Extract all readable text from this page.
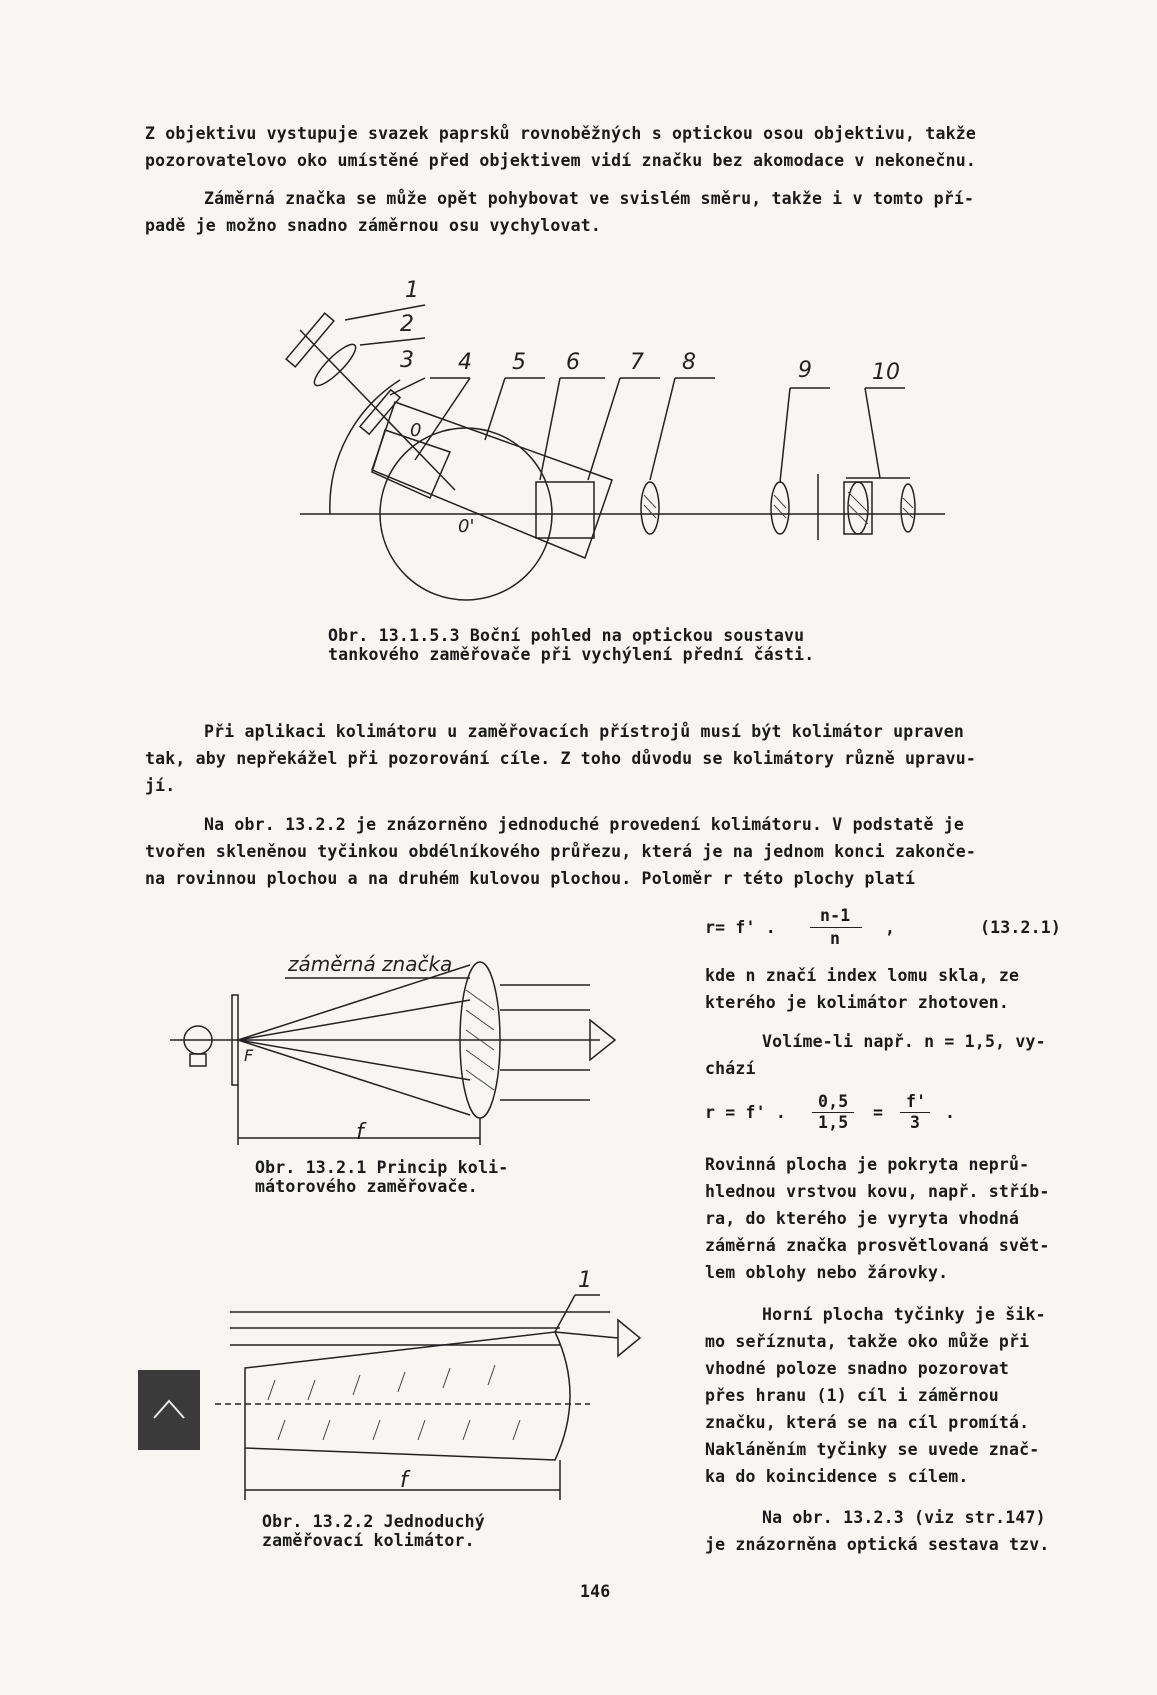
Z objektivu vystupuje svazek paprsků rovnoběžných s optickou osou objektivu, takže
pozorovatelovo oko umístěné před objektivem vidí značku bez akomodace v nekonečnu.
Záměrná značka se může opět pohybovat ve svislém směru, takže i v tomto pří-
padě je možno snadno záměrnou osu vychylovat.
1
2
3 4 5 6 7 8	9	10
0
0'
Obr. 13.1.5.3 Boční pohled na optickou soustavu
tankového zaměřovače při vychýlení přední části.
Při aplikaci kolimátoru u zaměřovacích přístrojů musí být kolimátor upraven
tak, aby nepřekážel při pozorování cíle. Z toho důvodu se kolimátory různě upravu-
jí.
Na obr. 13.2.2 je znázorněno jednoduché provedení kolimátoru. V podstatě je
tvořen skleněnou tyčinkou obdélníkového průřezu, která je na jednom konci zakonče-
na rovinnou plochou a na druhém kulovou plochou. Poloměr r této plochy platí
r= f' .
n-1
n
,	(13.2.1)
kde n značí index lomu skla, ze
kterého je kolimátor zhotoven.
Volíme-li např. n = 1,5, vy-
chází
r = f' .
0,5
1,5
=
f'
3
.
Rovinná plocha je pokryta neprů-
hlednou vrstvou kovu, např. stříb-
ra, do kterého je vyryta vhodná
záměrná značka prosvětlovaná svět-
lem oblohy nebo žárovky.
Horní plocha tyčinky je šik-
mo seříznuta, takže oko může při
vhodné poloze snadno pozorovat
přes hranu (1) cíl i záměrnou
značku, která se na cíl promítá.
Nakláněním tyčinky se uvede znač-
ka do koincidence s cílem.
Na obr. 13.2.3 (viz str.147)
je znázorněna optická sestava tzv.
záměrná značka
F
f
Obr. 13.2.1 Princip koli-
mátorového zaměřovače.
1
f
Obr. 13.2.2 Jednoduchý
zaměřovací kolimátor.
146
